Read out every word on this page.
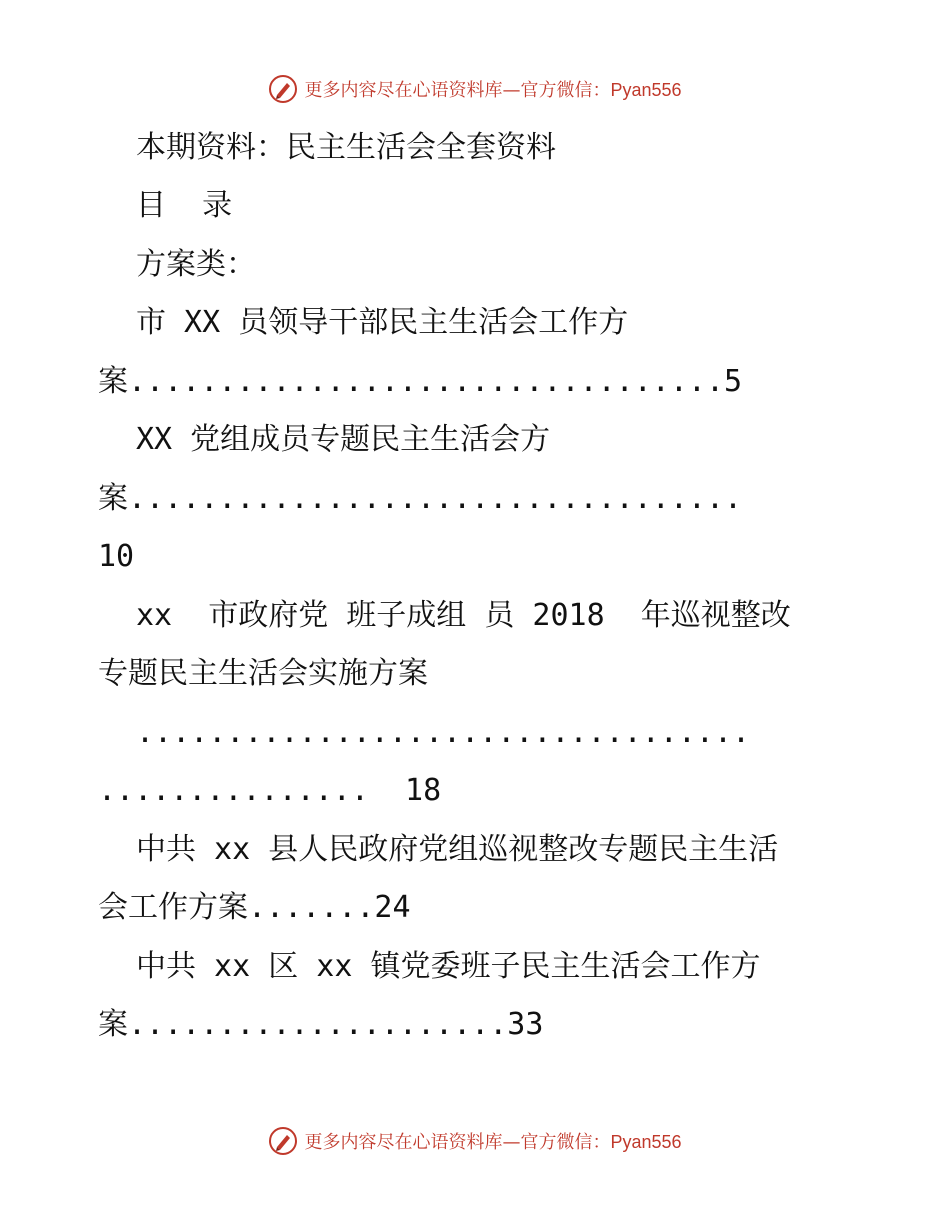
更多内容尽在心语资料库—官方微信：Pyan556
本期资料：民主生活会全套资料
目  录
方案类：
市 XX 员领导干部民主生活会工作方
案.................................5
XX 党组成员专题民主生活会方
案..................................
10
xx  市政府党 班子成组 员 2018  年巡视整改
专题民主生活会实施方案
..................................
...............  18
中共 xx 县人民政府党组巡视整改专题民主生活
会工作方案.......24
中共 xx 区 xx 镇党委班子民主生活会工作方
案.....................33
更多内容尽在心语资料库—官方微信：Pyan556
